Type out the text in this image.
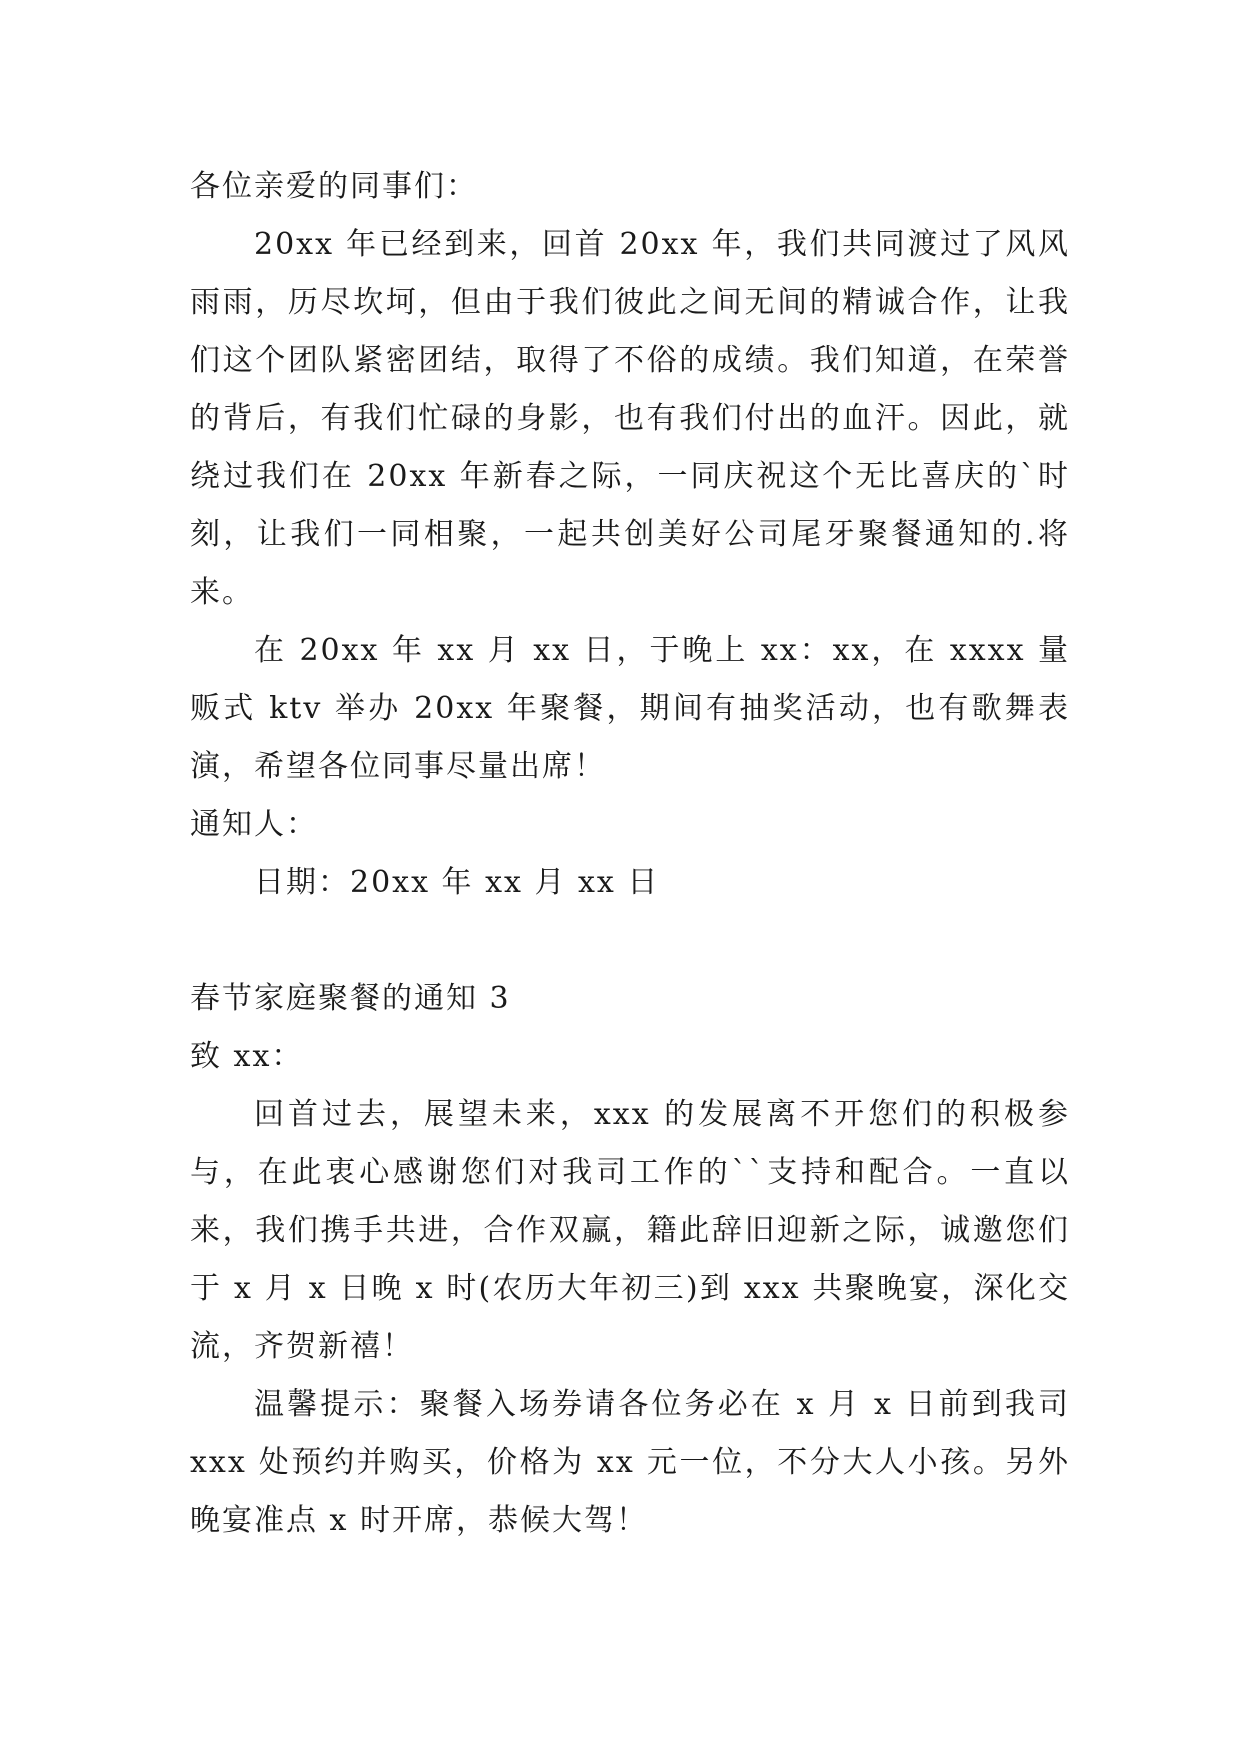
各位亲爱的同事们：

20xx 年已经到来，回首 20xx 年，我们共同渡过了风风雨雨，历尽坎坷，但由于我们彼此之间无间的精诚合作，让我们这个团队紧密团结，取得了不俗的成绩。我们知道，在荣誉的背后，有我们忙碌的身影，也有我们付出的血汗。因此，就绕过我们在 20xx 年新春之际，一同庆祝这个无比喜庆的`时刻，让我们一同相聚，一起共创美好公司尾牙聚餐通知的.将来。

在 20xx 年 xx 月 xx 日，于晚上 xx：xx，在 xxxx 量贩式 ktv 举办 20xx 年聚餐，期间有抽奖活动，也有歌舞表演，希望各位同事尽量出席！

通知人：

日期：20xx 年 xx 月 xx 日

春节家庭聚餐的通知 3

致 xx：

回首过去，展望未来，xxx 的发展离不开您们的积极参与，在此衷心感谢您们对我司工作的``支持和配合。一直以来，我们携手共进，合作双赢，籍此辞旧迎新之际，诚邀您们于 x 月 x 日晚 x 时(农历大年初三)到 xxx 共聚晚宴，深化交流，齐贺新禧！

温馨提示：聚餐入场券请各位务必在 x 月 x 日前到我司 xxx 处预约并购买，价格为 xx 元一位，不分大人小孩。另外晚宴准点 x 时开席，恭候大驾！
